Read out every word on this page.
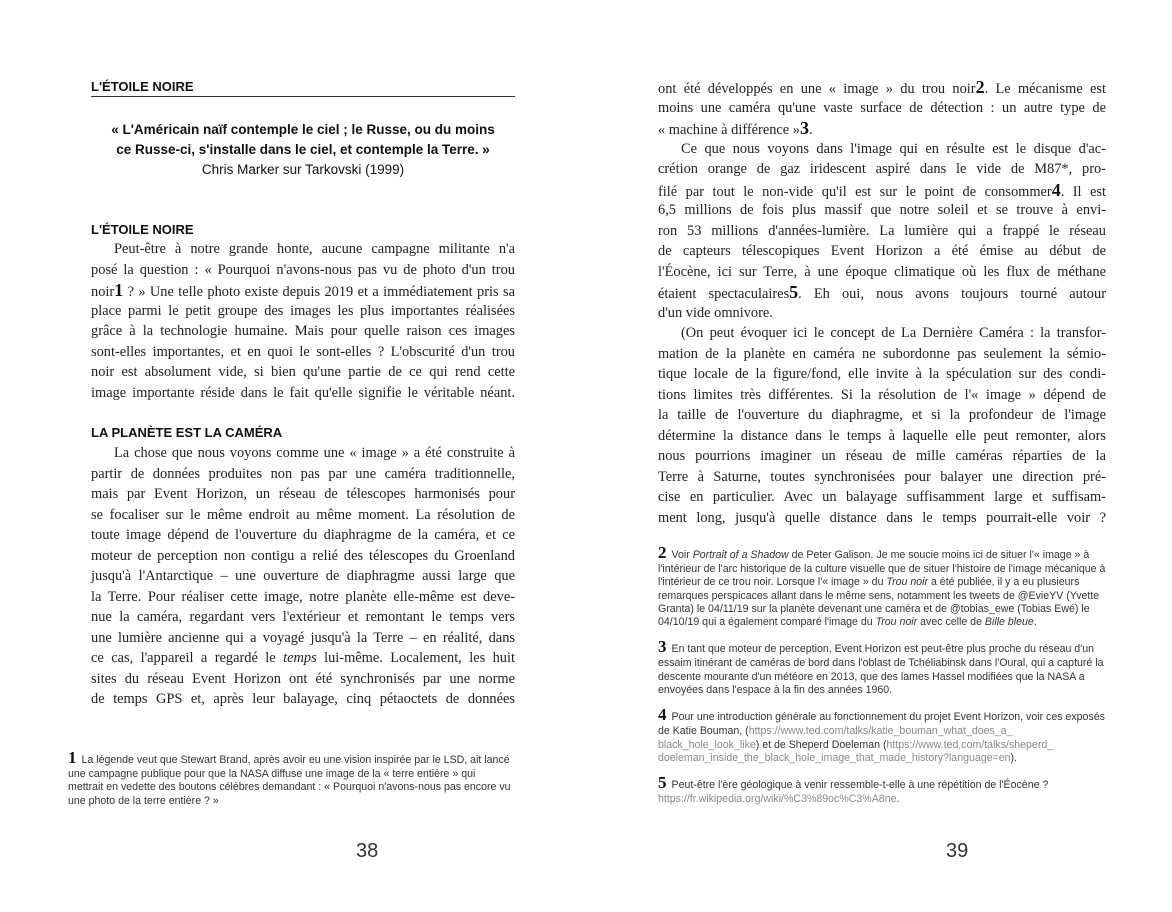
L'ÉTOILE NOIRE
« L'Américain naïf contemple le ciel ; le Russe, ou du moins
ce Russe-ci, s'installe dans le ciel, et contemple la Terre. »
Chris Marker sur Tarkovski (1999)
L'ÉTOILE NOIRE
Peut-être à notre grande honte, aucune campagne militante n'a
posé la question : « Pourquoi n'avons-nous pas vu de photo d'un trou
noir1 ? » Une telle photo existe depuis 2019 et a immédiatement pris sa
place parmi le petit groupe des images les plus importantes réalisées
grâce à la technologie humaine. Mais pour quelle raison ces images
sont-elles importantes, et en quoi le sont-elles ? L'obscurité d'un trou
noir est absolument vide, si bien qu'une partie de ce qui rend cette
image importante réside dans le fait qu'elle signifie le véritable néant.
LA PLANÈTE EST LA CAMÉRA
La chose que nous voyons comme une « image » a été construite à
partir de données produites non pas par une caméra traditionnelle,
mais par Event Horizon, un réseau de télescopes harmonisés pour
se focaliser sur le même endroit au même moment. La résolution de
toute image dépend de l'ouverture du diaphragme de la caméra, et ce
moteur de perception non contigu a relié des télescopes du Groenland
jusqu'à l'Antarctique – une ouverture de diaphragme aussi large que
la Terre. Pour réaliser cette image, notre planète elle-même est deve-
nue la caméra, regardant vers l'extérieur et remontant le temps vers
une lumière ancienne qui a voyagé jusqu'à la Terre – en réalité, dans
ce cas, l'appareil a regardé le temps lui-même. Localement, les huit
sites du réseau Event Horizon ont été synchronisés par une norme
de temps GPS et, après leur balayage, cinq pétaoctets de données

1 La légende veut que Stewart Brand, après avoir eu une vision inspirée par le LSD, ait lancé une campagne publique pour que la NASA diffuse une image de la « terre entière » qui mettrait en vedette des boutons célèbres demandant : « Pourquoi n'avons-nous pas encore vu une photo de la terre entière ? »

38
ont été développés en une « image » du trou noir2. Le mécanisme est
moins une caméra qu'une vaste surface de détection : un autre type de
« machine à différence »3.
Ce que nous voyons dans l'image qui en résulte est le disque d'ac-
crétion orange de gaz iridescent aspiré dans le vide de M87*, pro-
filé par tout le non-vide qu'il est sur le point de consommer4. Il est
6,5 millions de fois plus massif que notre soleil et se trouve à envi-
ron 53 millions d'années-lumière. La lumière qui a frappé le réseau
de capteurs télescopiques Event Horizon a été émise au début de
l'Éocène, ici sur Terre, à une époque climatique où les flux de méthane
étaient spectaculaires5. Eh oui, nous avons toujours tourné autour
d'un vide omnivore.
(On peut évoquer ici le concept de La Dernière Caméra : la transfor-
mation de la planète en caméra ne subordonne pas seulement la sémio-
tique locale de la figure/fond, elle invite à la spéculation sur des condi-
tions limites très différentes. Si la résolution de l'« image » dépend de
la taille de l'ouverture du diaphragme, et si la profondeur de l'image
détermine la distance dans le temps à laquelle elle peut remonter, alors
nous pourrions imaginer un réseau de mille caméras réparties de la
Terre à Saturne, toutes synchronisées pour balayer une direction pré-
cise en particulier. Avec un balayage suffisamment large et suffisam-
ment long, jusqu'à quelle distance dans le temps pourrait-elle voir ?

2 Voir Portrait of a Shadow de Peter Galison. Je me soucie moins ici de situer l'« image » à l'intérieur de l'arc historique de la culture visuelle que de situer l'histoire de l'image mécanique à l'intérieur de ce trou noir. Lorsque l'« image » du Trou noir a été publiée, il y a eu plusieurs remarques perspicaces allant dans le même sens, notamment les tweets de @EvieYV (Yvette Granta) le 04/11/19 sur la planète devenant une caméra et de @tobias_ewe (Tobias Ewé) le 04/10/19 qui a également comparé l'image du Trou noir avec celle de Bille bleue.

3 En tant que moteur de perception, Event Horizon est peut-être plus proche du réseau d'un essaim itinérant de caméras de bord dans l'oblast de Tchéliabinsk dans l'Oural, qui a capturé la descente mourante d'un météore en 2013, que des lames Hassel modifiées que la NASA a envoyées dans l'espace à la fin des années 1960.

4 Pour une introduction générale au fonctionnement du projet Event Horizon, voir ces exposés de Katie Bouman, (https://www.ted.com/talks/katie_bouman_what_does_a_ black_hole_look_like) et de Sheperd Doeleman (https://www.ted.com/talks/sheperd_ doeleman_inside_the_black_hole_image_that_made_history?language=en).

5 Peut-être l'ère géologique à venir ressemble-t-elle à une répétition de l'Éocène ? https://fr.wikipedia.org/wiki/%C3%89oc%C3%A8ne.

39
